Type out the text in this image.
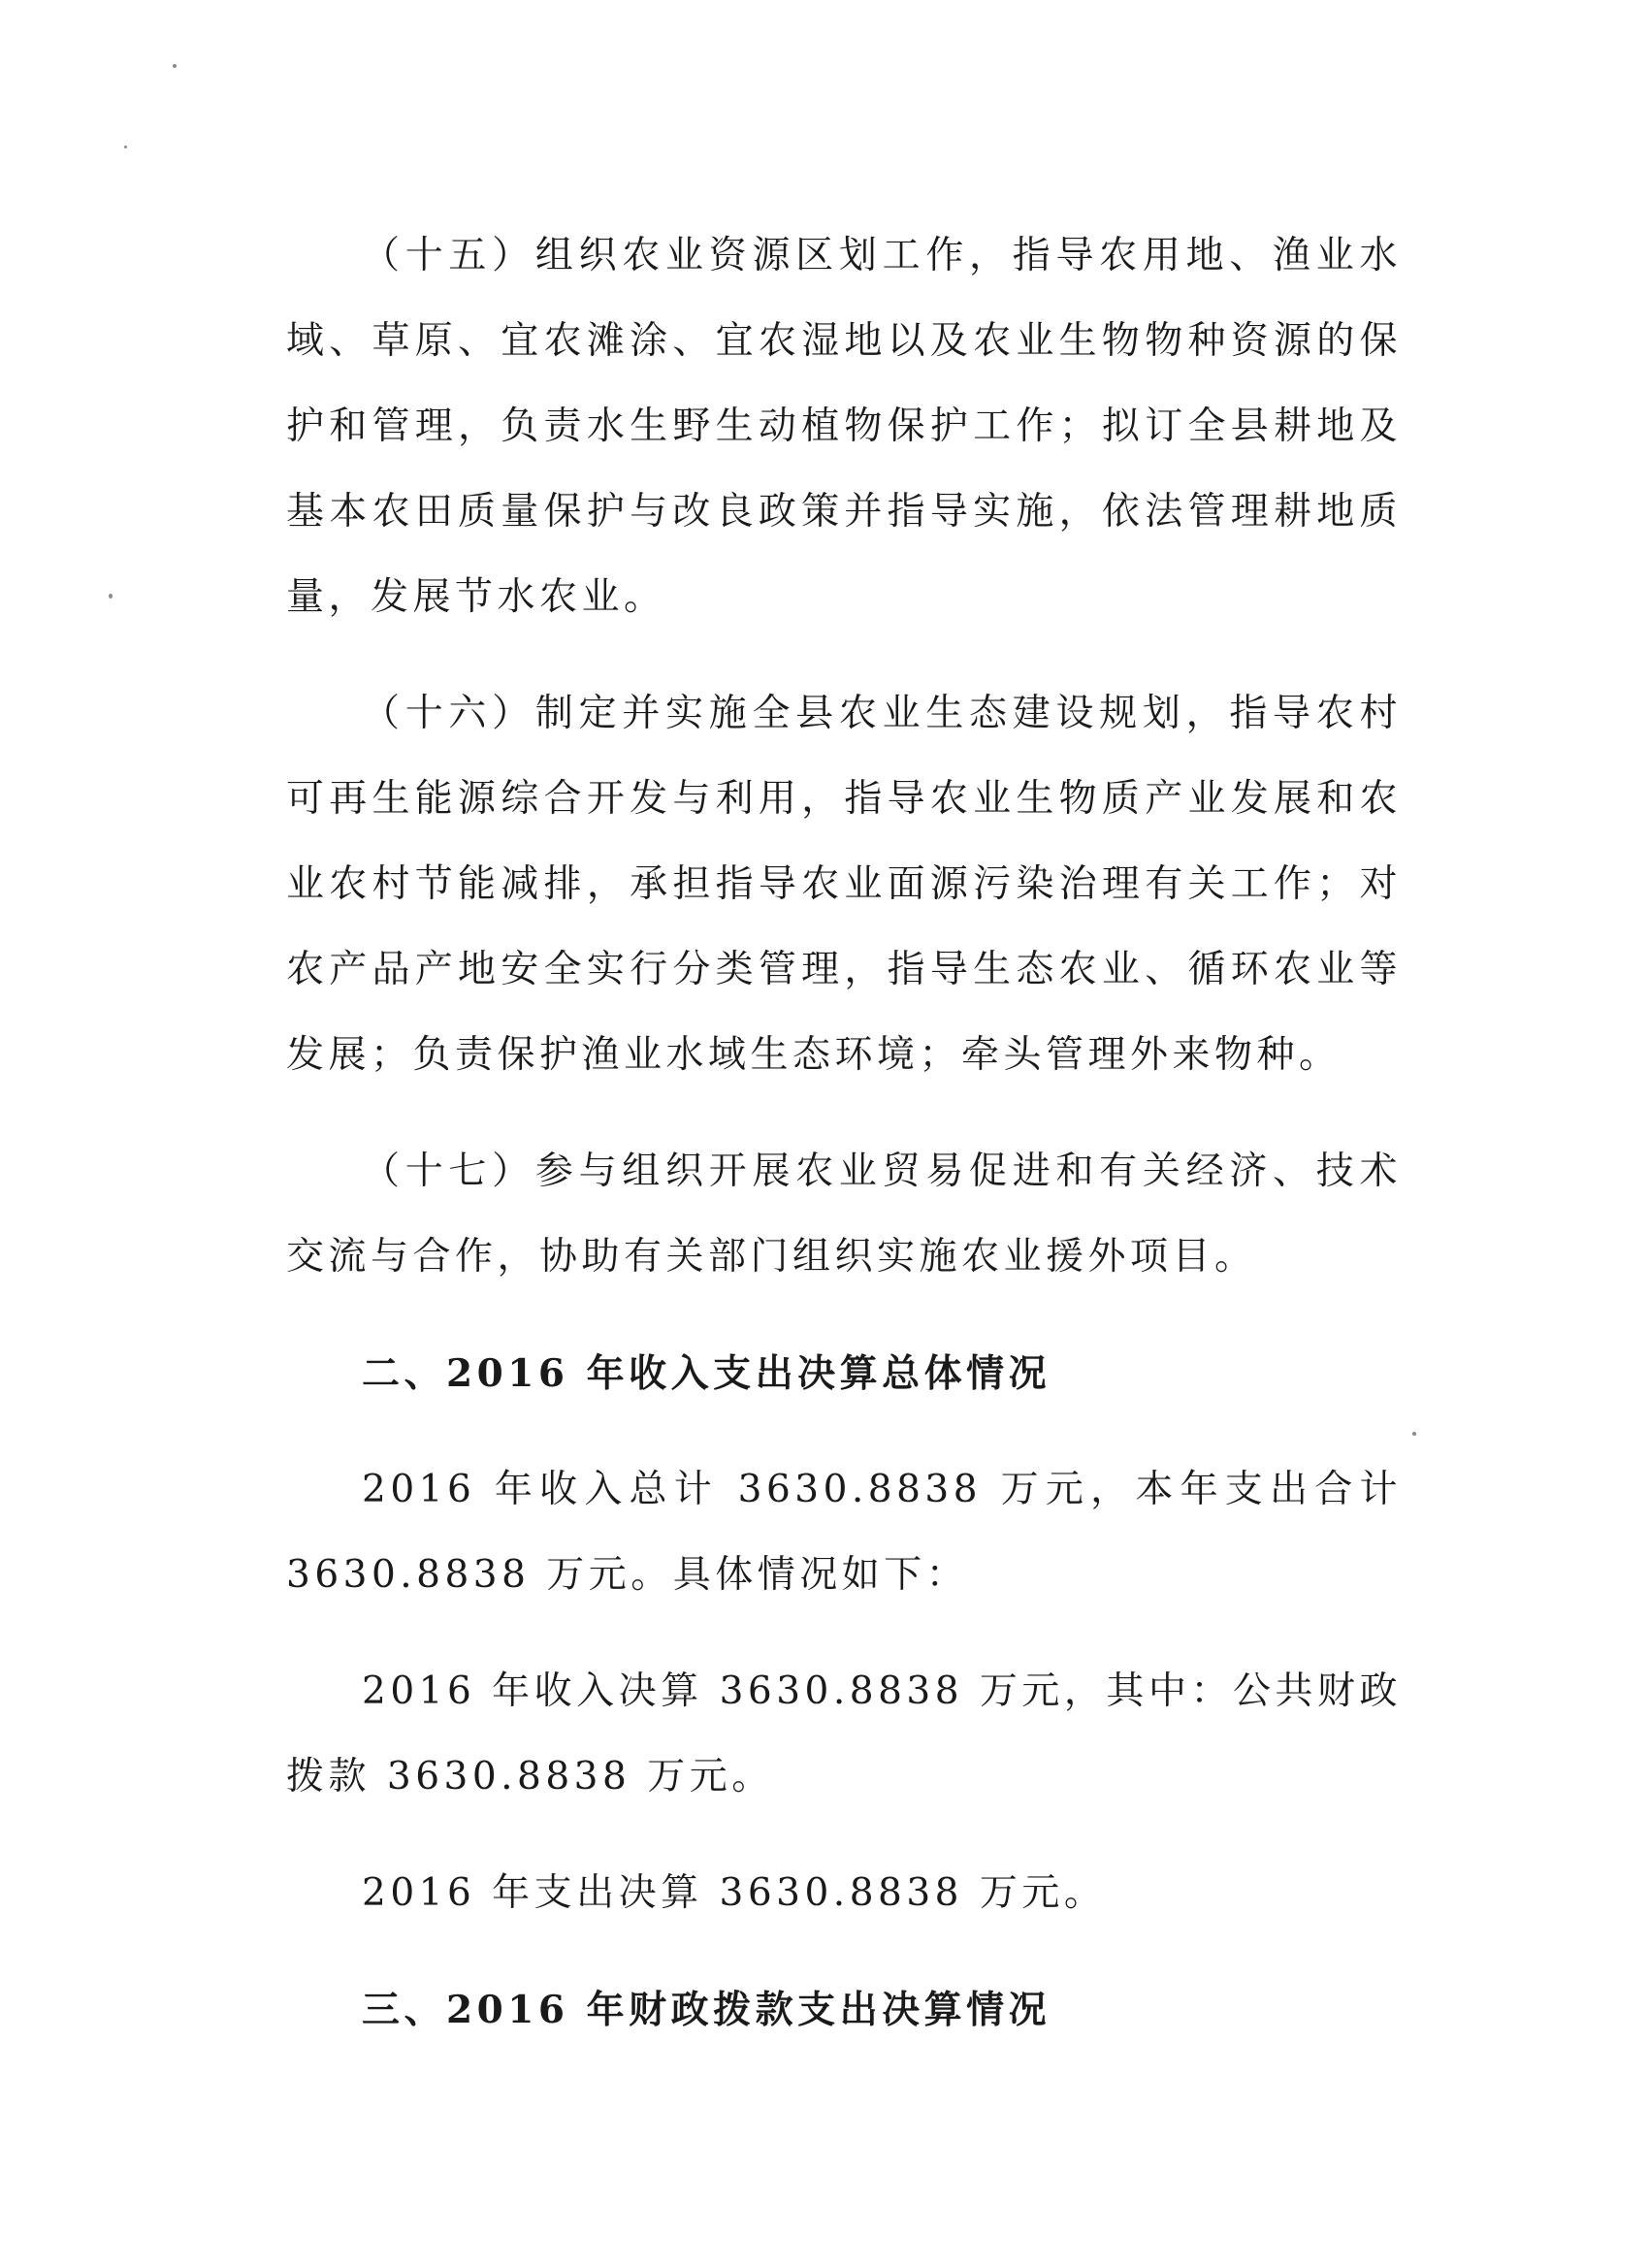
（十五）组织农业资源区划工作，指导农用地、渔业水域、草原、宜农滩涂、宜农湿地以及农业生物物种资源的保护和管理，负责水生野生动植物保护工作；拟订全县耕地及基本农田质量保护与改良政策并指导实施，依法管理耕地质量，发展节水农业。

（十六）制定并实施全县农业生态建设规划，指导农村可再生能源综合开发与利用，指导农业生物质产业发展和农业农村节能减排，承担指导农业面源污染治理有关工作；对农产品产地安全实行分类管理，指导生态农业、循环农业等发展；负责保护渔业水域生态环境；牵头管理外来物种。

（十七）参与组织开展农业贸易促进和有关经济、技术交流与合作，协助有关部门组织实施农业援外项目。

二、2016 年收入支出决算总体情况

2016 年收入总计 3630.8838 万元，本年支出合计 3630.8838 万元。具体情况如下：

2016 年收入决算 3630.8838 万元，其中：公共财政拨款 3630.8838 万元。

2016 年支出决算 3630.8838 万元。

三、2016 年财政拨款支出决算情况
